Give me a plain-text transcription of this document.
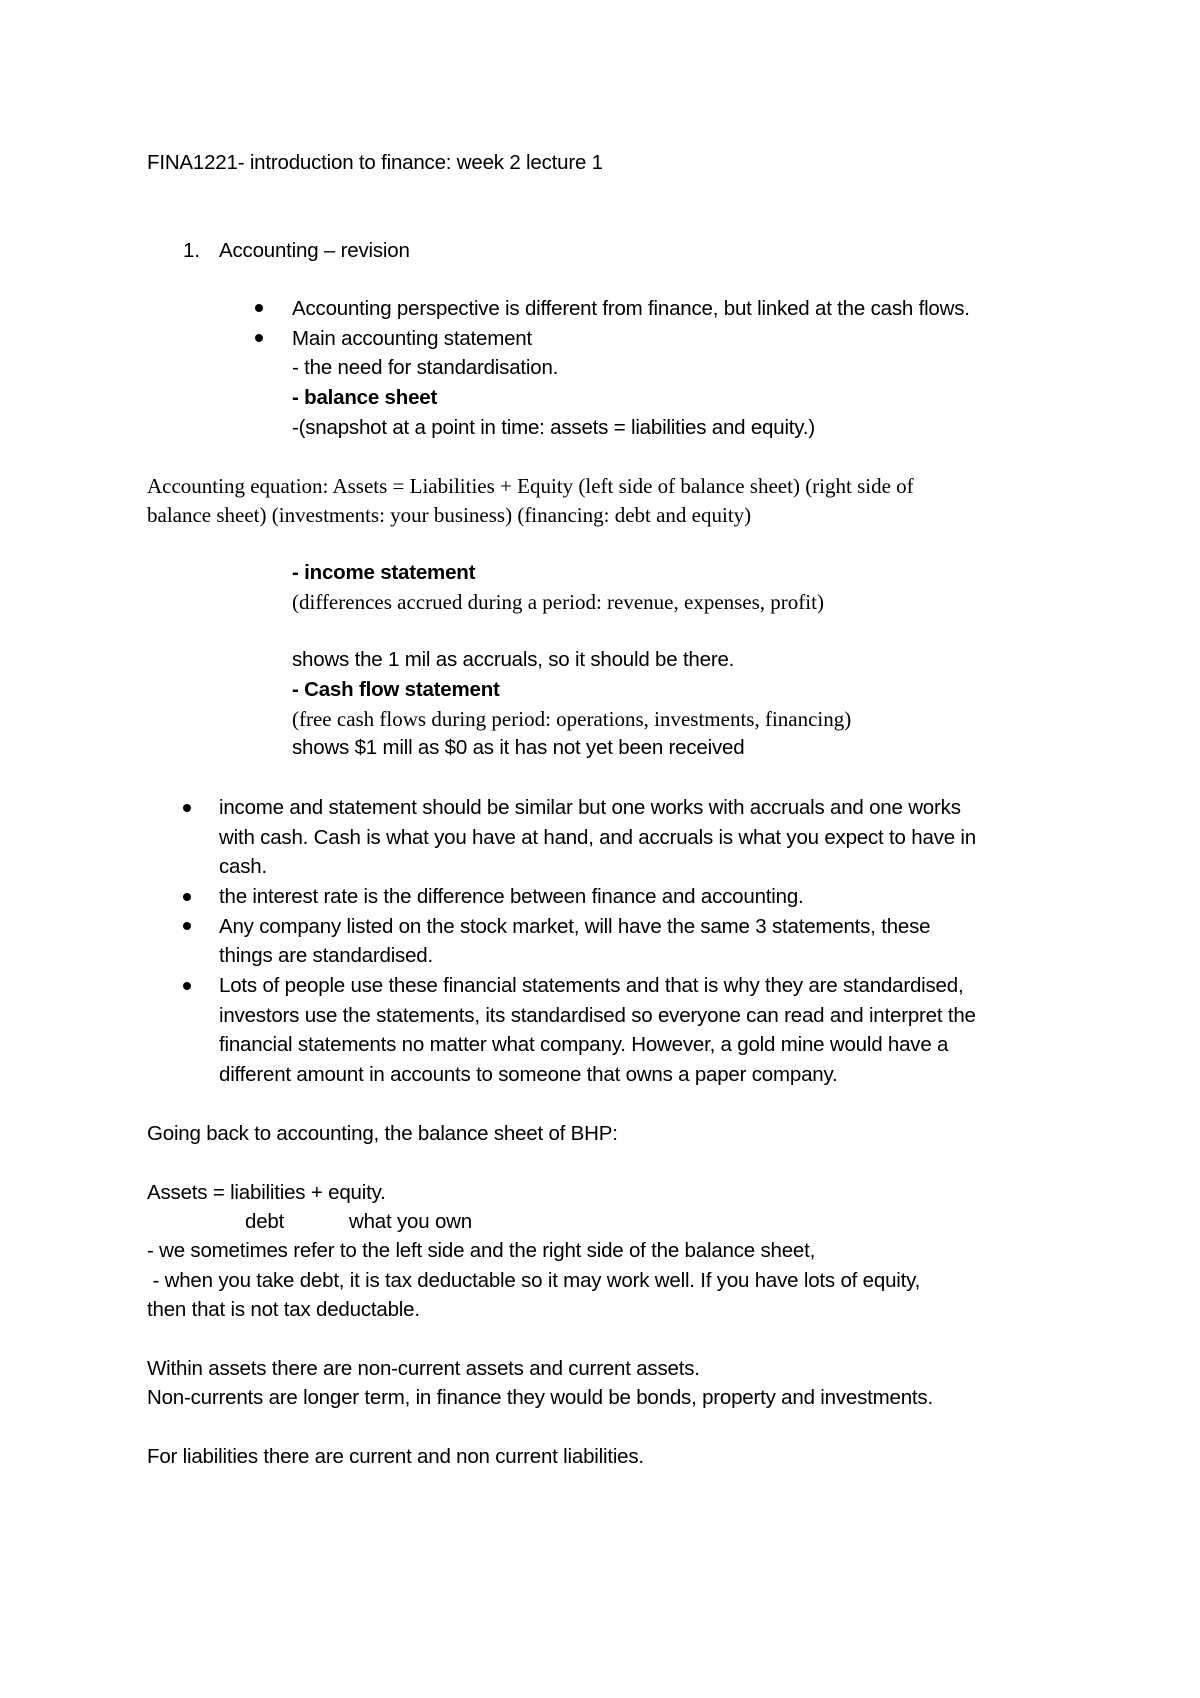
FINA1221- introduction to finance: week 2 lecture 1
1. Accounting – revision
Accounting perspective is different from finance, but linked at the cash flows.
Main accounting statement
- the need for standardisation.
- balance sheet
-(snapshot at a point in time: assets = liabilities and equity.)
Accounting equation: Assets = Liabilities + Equity (left side of balance sheet) (right side of
balance sheet) (investments: your business) (financing: debt and equity)
- income statement
(differences accrued during a period: revenue, expenses, profit)
shows the 1 mil as accruals, so it should be there.
- Cash flow statement
(free cash flows during period: operations, investments, financing)
shows $1 mill as $0 as it has not yet been received
income and statement should be similar but one works with accruals and one works
with cash. Cash is what you have at hand, and accruals is what you expect to have in
cash.
the interest rate is the difference between finance and accounting.
Any company listed on the stock market, will have the same 3 statements, these
things are standardised.
Lots of people use these financial statements and that is why they are standardised,
investors use the statements, its standardised so everyone can read and interpret the
financial statements no matter what company. However, a gold mine would have a
different amount in accounts to someone that owns a paper company.
Going back to accounting, the balance sheet of BHP:
Assets = liabilities + equity.
debt	what you own
- we sometimes refer to the left side and the right side of the balance sheet,
- when you take debt, it is tax deductable so it may work well. If you have lots of equity,
then that is not tax deductable.
Within assets there are non-current assets and current assets.
Non-currents are longer term, in finance they would be bonds, property and investments.
For liabilities there are current and non current liabilities.
